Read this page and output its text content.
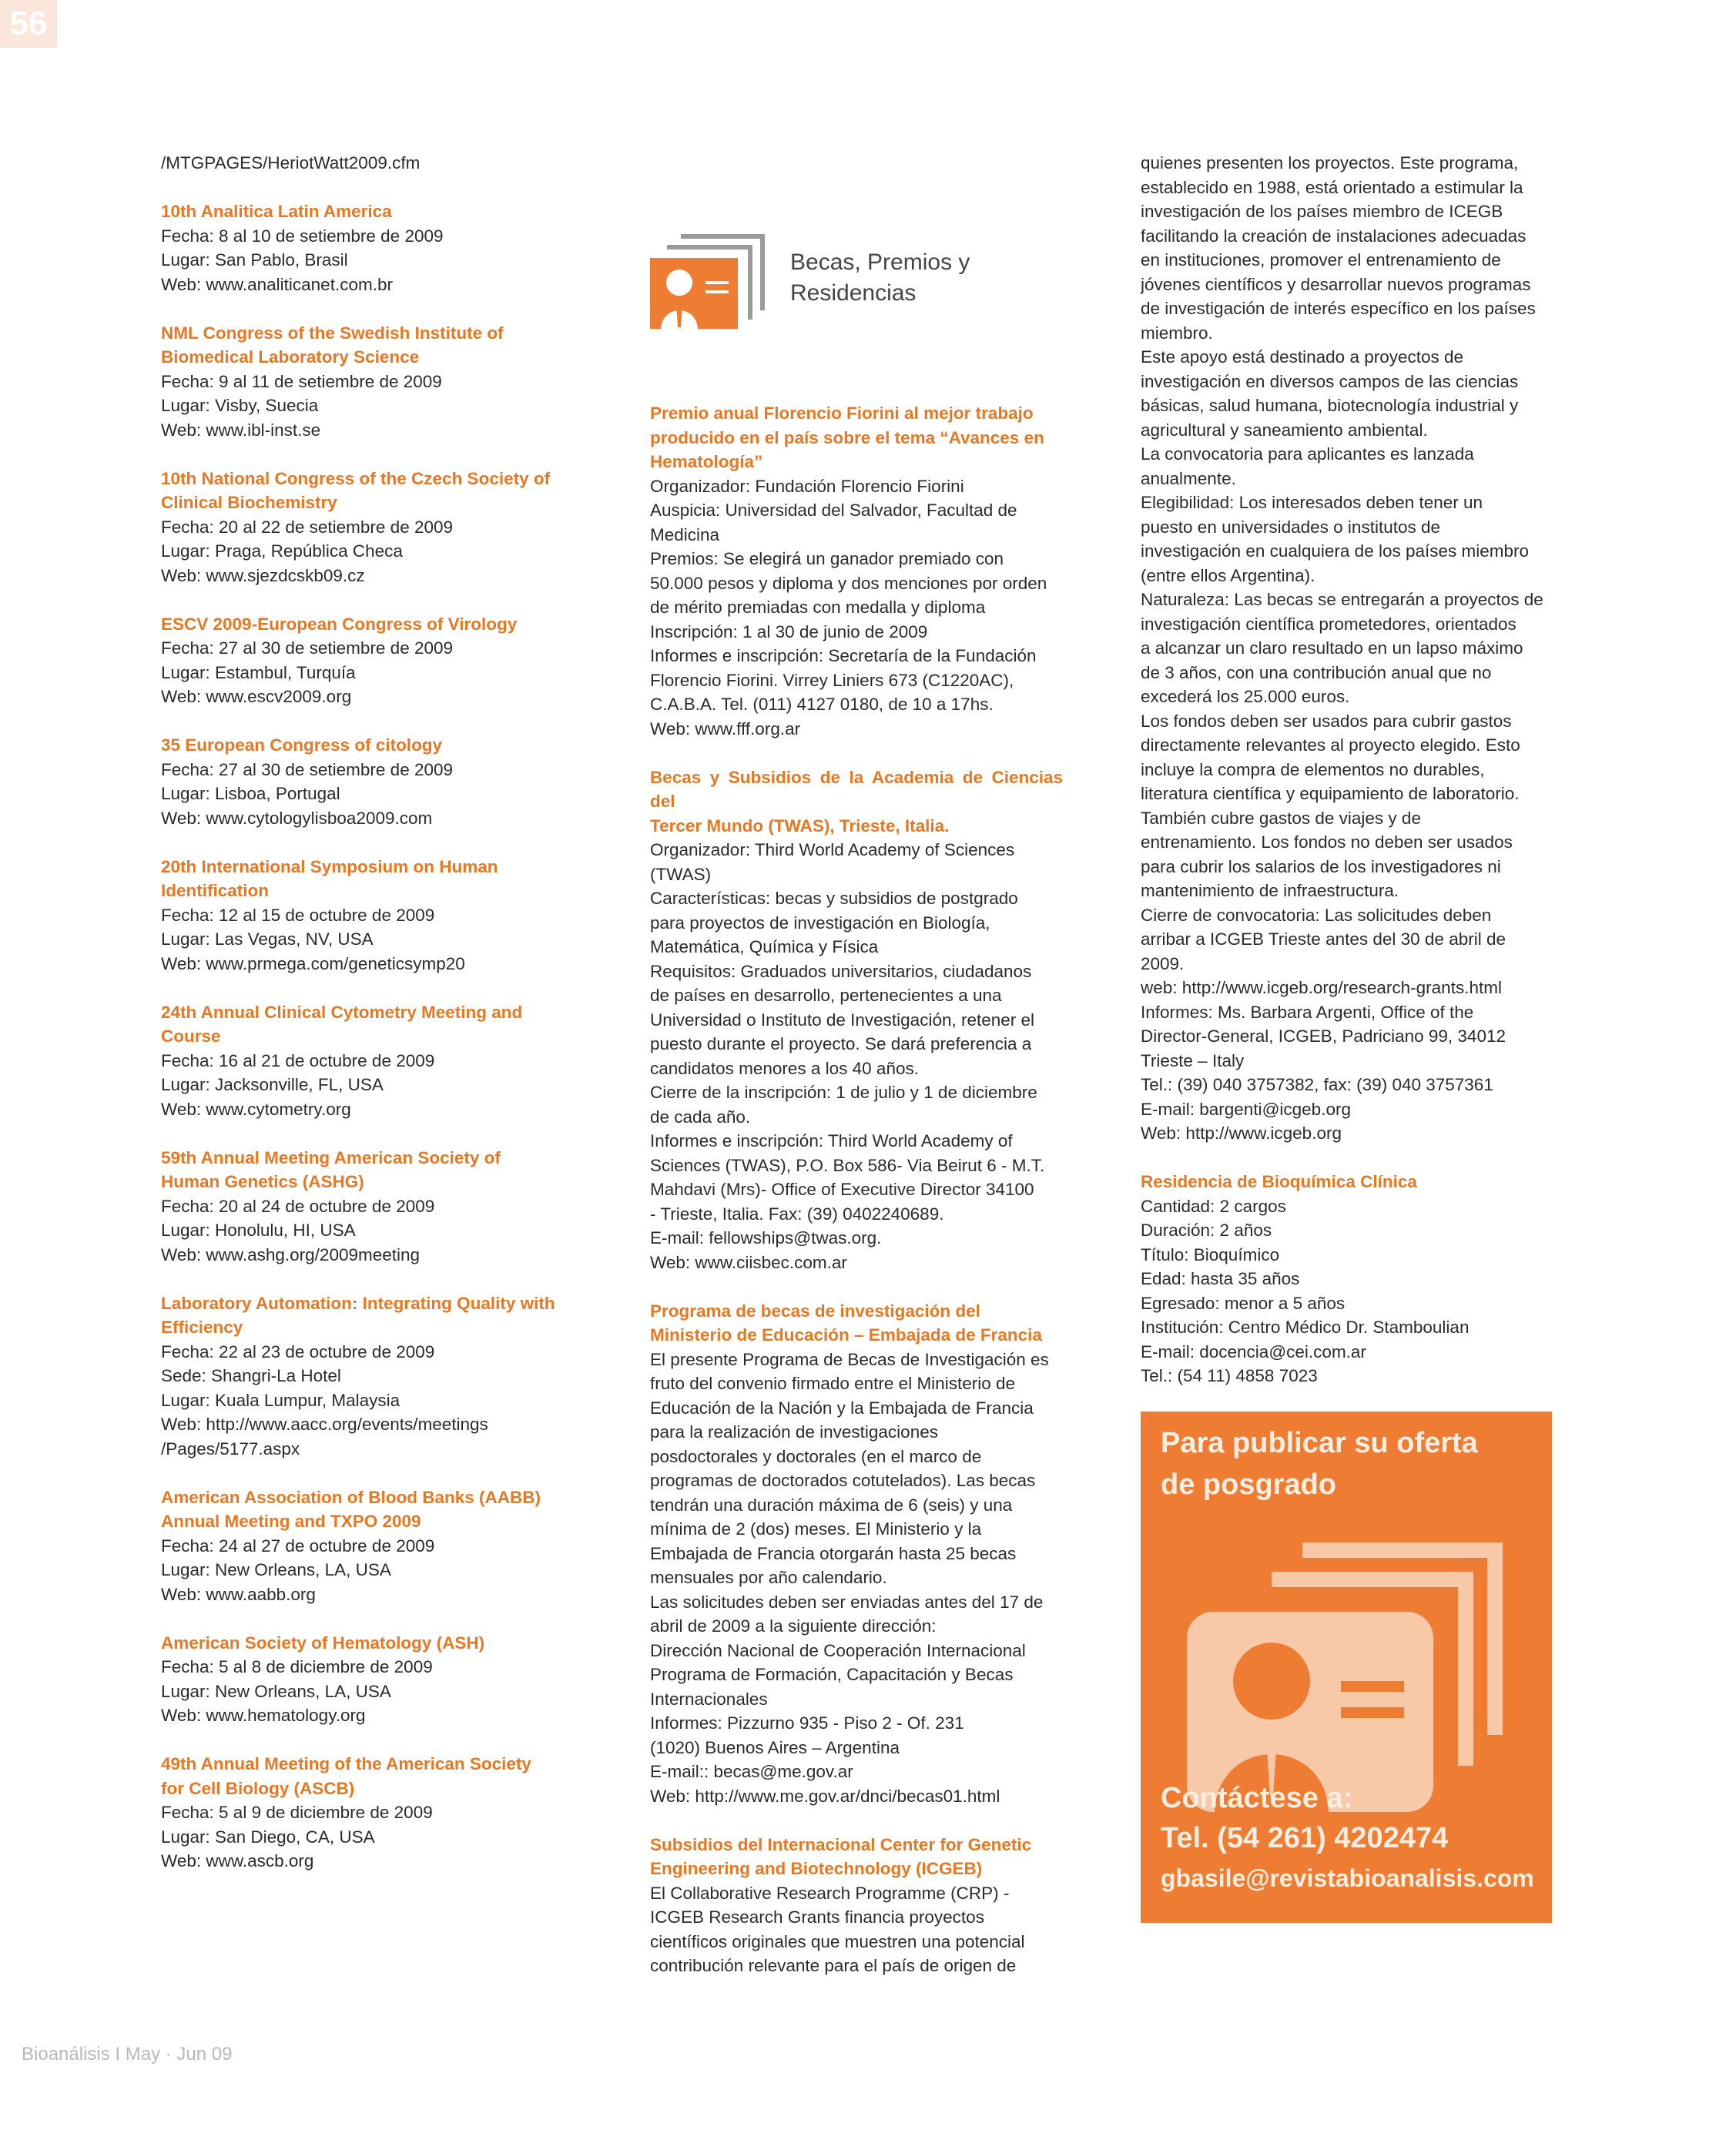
56
/MTGPAGES/HeriotWatt2009.cfm
10th Analitica Latin America
Fecha: 8 al 10 de setiembre de 2009
Lugar: San Pablo, Brasil
Web: www.analiticanet.com.br
NML Congress of the Swedish Institute of
Biomedical Laboratory Science
Fecha: 9 al 11 de setiembre de 2009
Lugar: Visby, Suecia
Web: www.ibl-inst.se
10th National Congress of the Czech Society of
Clinical Biochemistry
Fecha: 20 al 22 de setiembre de 2009
Lugar: Praga, República Checa
Web: www.sjezdcskb09.cz
ESCV 2009-European Congress of Virology
Fecha: 27 al 30 de setiembre de 2009
Lugar: Estambul, Turquía
Web: www.escv2009.org
35 European Congress of citology
Fecha: 27 al 30 de setiembre de 2009
Lugar: Lisboa, Portugal
Web: www.cytologylisboa2009.com
20th International Symposium on Human
Identification
Fecha: 12 al 15 de octubre de 2009
Lugar: Las Vegas, NV, USA
Web: www.prmega.com/geneticsymp20
24th Annual Clinical Cytometry Meeting and
Course
Fecha: 16 al 21 de octubre de 2009
Lugar: Jacksonville, FL, USA
Web: www.cytometry.org
59th Annual Meeting American Society of
Human Genetics (ASHG)
Fecha: 20 al 24 de octubre de 2009
Lugar: Honolulu, HI, USA
Web: www.ashg.org/2009meeting
Laboratory Automation: Integrating Quality with
Efficiency
Fecha: 22 al 23 de octubre de 2009
Sede: Shangri-La Hotel
Lugar: Kuala Lumpur, Malaysia
Web: http://www.aacc.org/events/meetings
/Pages/5177.aspx
American Association of Blood Banks (AABB)
Annual Meeting and TXPO 2009
Fecha: 24 al 27 de octubre de 2009
Lugar: New Orleans, LA, USA
Web: www.aabb.org
American Society of Hematology (ASH)
Fecha: 5 al 8 de diciembre de 2009
Lugar: New Orleans, LA, USA
Web: www.hematology.org
49th Annual Meeting of the American Society
for Cell Biology (ASCB)
Fecha: 5 al 9 de diciembre de 2009
Lugar: San Diego, CA, USA
Web: www.ascb.org
Becas, Premios y
Residencias
Premio anual Florencio Fiorini al mejor trabajo
producido en el país sobre el tema “Avances en
Hematología”
Organizador: Fundación Florencio Fiorini
Auspicia: Universidad del Salvador, Facultad de
Medicina
Premios: Se elegirá un ganador premiado con
50.000 pesos y diploma y dos menciones por orden
de mérito premiadas con medalla y diploma
Inscripción: 1 al 30 de junio de 2009
Informes e inscripción: Secretaría de la Fundación
Florencio Fiorini. Virrey Liniers 673 (C1220AC),
C.A.B.A. Tel. (011) 4127 0180, de 10 a 17hs.
Web: www.fff.org.ar
Becas y Subsidios de la Academia de Ciencias del
Tercer Mundo (TWAS), Trieste, Italia.
Organizador: Third World Academy of Sciences
(TWAS)
Características: becas y subsidios de postgrado
para proyectos de investigación en Biología,
Matemática, Química y Física
Requisitos: Graduados universitarios, ciudadanos
de países en desarrollo, pertenecientes a una
Universidad o Instituto de Investigación, retener el
puesto durante el proyecto. Se dará preferencia a
candidatos menores a los 40 años.
Cierre de la inscripción: 1 de julio y 1 de diciembre
de cada año.
Informes e inscripción: Third World Academy of
Sciences (TWAS), P.O. Box 586- Via Beirut 6 - M.T.
Mahdavi (Mrs)- Office of Executive Director 34100
- Trieste, Italia. Fax: (39) 0402240689.
E-mail: fellowships@twas.org.
Web: www.ciisbec.com.ar
Programa de becas de investigación del
Ministerio de Educación – Embajada de Francia
El presente Programa de Becas de Investigación es
fruto del convenio firmado entre el Ministerio de
Educación de la Nación y la Embajada de Francia
para la realización de investigaciones
posdoctorales y doctorales (en el marco de
programas de doctorados cotutelados). Las becas
tendrán una duración máxima de 6 (seis) y una
mínima de 2 (dos) meses. El Ministerio y la
Embajada de Francia otorgarán hasta 25 becas
mensuales por año calendario.
Las solicitudes deben ser enviadas antes del 17 de
abril de 2009 a la siguiente dirección:
Dirección Nacional de Cooperación Internacional
Programa de Formación, Capacitación y Becas
Internacionales
Informes: Pizzurno 935 - Piso 2 - Of. 231
(1020) Buenos Aires – Argentina
E-mail:: becas@me.gov.ar
Web: http://www.me.gov.ar/dnci/becas01.html
Subsidios del Internacional Center for Genetic
Engineering and Biotechnology (ICGEB)
El Collaborative Research Programme (CRP) -
ICGEB Research Grants financia proyectos
científicos originales que muestren una potencial
contribución relevante para el país de origen de
quienes presenten los proyectos. Este programa,
establecido en 1988, está orientado a estimular la
investigación de los países miembro de ICEGB
facilitando la creación de instalaciones adecuadas
en instituciones, promover el entrenamiento de
jóvenes científicos y desarrollar nuevos programas
de investigación de interés específico en los países
miembro.
Este apoyo está destinado a proyectos de
investigación en diversos campos de las ciencias
básicas, salud humana, biotecnología industrial y
agricultural y saneamiento ambiental.
La convocatoria para aplicantes es lanzada
anualmente.
Elegibilidad: Los interesados deben tener un
puesto en universidades o institutos de
investigación en cualquiera de los países miembro
(entre ellos Argentina).
Naturaleza: Las becas se entregarán a proyectos de
investigación científica prometedores, orientados
a alcanzar un claro resultado en un lapso máximo
de 3 años, con una contribución anual que no
excederá los 25.000 euros.
Los fondos deben ser usados para cubrir gastos
directamente relevantes al proyecto elegido. Esto
incluye la compra de elementos no durables,
literatura científica y equipamiento de laboratorio.
También cubre gastos de viajes y de
entrenamiento. Los fondos no deben ser usados
para cubrir los salarios de los investigadores ni
mantenimiento de infraestructura.
Cierre de convocatoria: Las solicitudes deben
arribar a ICGEB Trieste antes del 30 de abril de
2009.
web: http://www.icgeb.org/research-grants.html
Informes: Ms. Barbara Argenti, Office of the
Director-General, ICGEB, Padriciano 99, 34012
Trieste – Italy
Tel.: (39) 040 3757382, fax: (39) 040 3757361
E-mail: bargenti@icgeb.org
Web: http://www.icgeb.org
Residencia de Bioquímica Clínica
Cantidad: 2 cargos
Duración: 2 años
Título: Bioquímico
Edad: hasta 35 años
Egresado: menor a 5 años
Institución: Centro Médico Dr. Stamboulian
E-mail: docencia@cei.com.ar
Tel.: (54 11) 4858 7023
Para publicar su oferta
de posgrado
Contáctese a:
Tel. (54 261) 4202474
gbasile@revistabioanalisis.com
Bioanálisis I May · Jun 09
